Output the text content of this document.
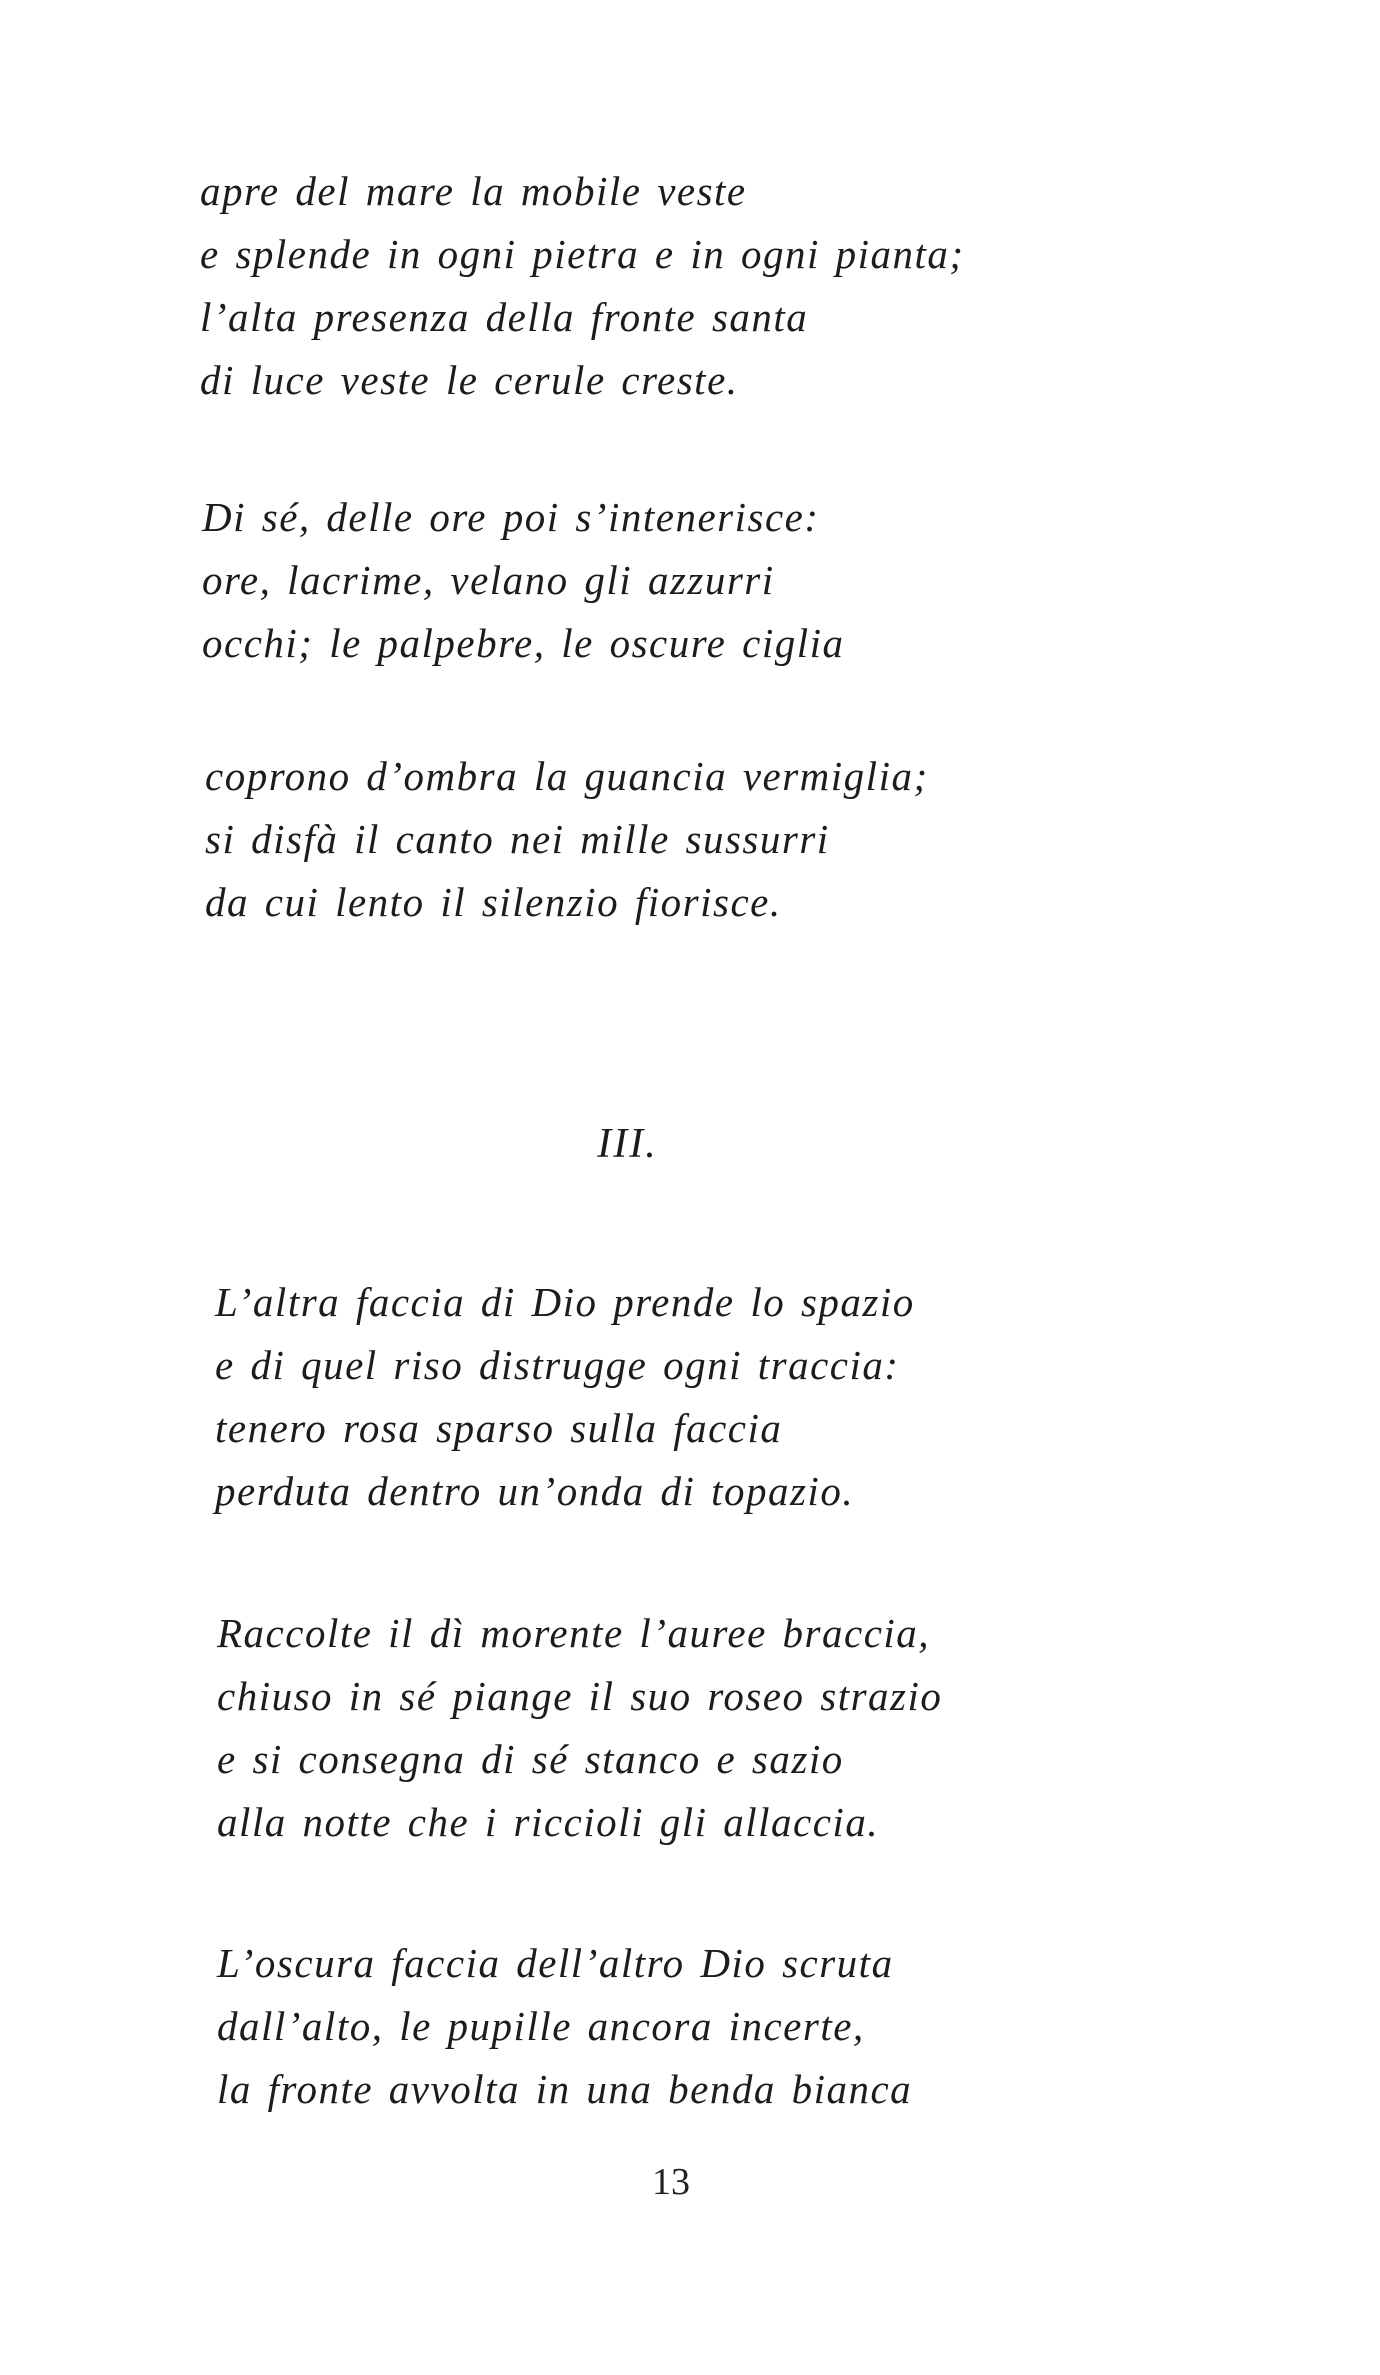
apre del mare la mobile veste
e splende in ogni pietra e in ogni pianta;
l’alta presenza della fronte santa
di luce veste le cerule creste.
Di sé, delle ore poi s’intenerisce:
ore, lacrime, velano gli azzurri
occhi; le palpebre, le oscure ciglia
coprono d’ombra la guancia vermiglia;
si disfà il canto nei mille sussurri
da cui lento il silenzio fiorisce.
III.
L’altra faccia di Dio prende lo spazio
e di quel riso distrugge ogni traccia:
tenero rosa sparso sulla faccia
perduta dentro un’onda di topazio.
Raccolte il dì morente l’auree braccia,
chiuso in sé piange il suo roseo strazio
e si consegna di sé stanco e sazio
alla notte che i riccioli gli allaccia.
L’oscura faccia dell’altro Dio scruta
dall’alto, le pupille ancora incerte,
la fronte avvolta in una benda bianca
13
